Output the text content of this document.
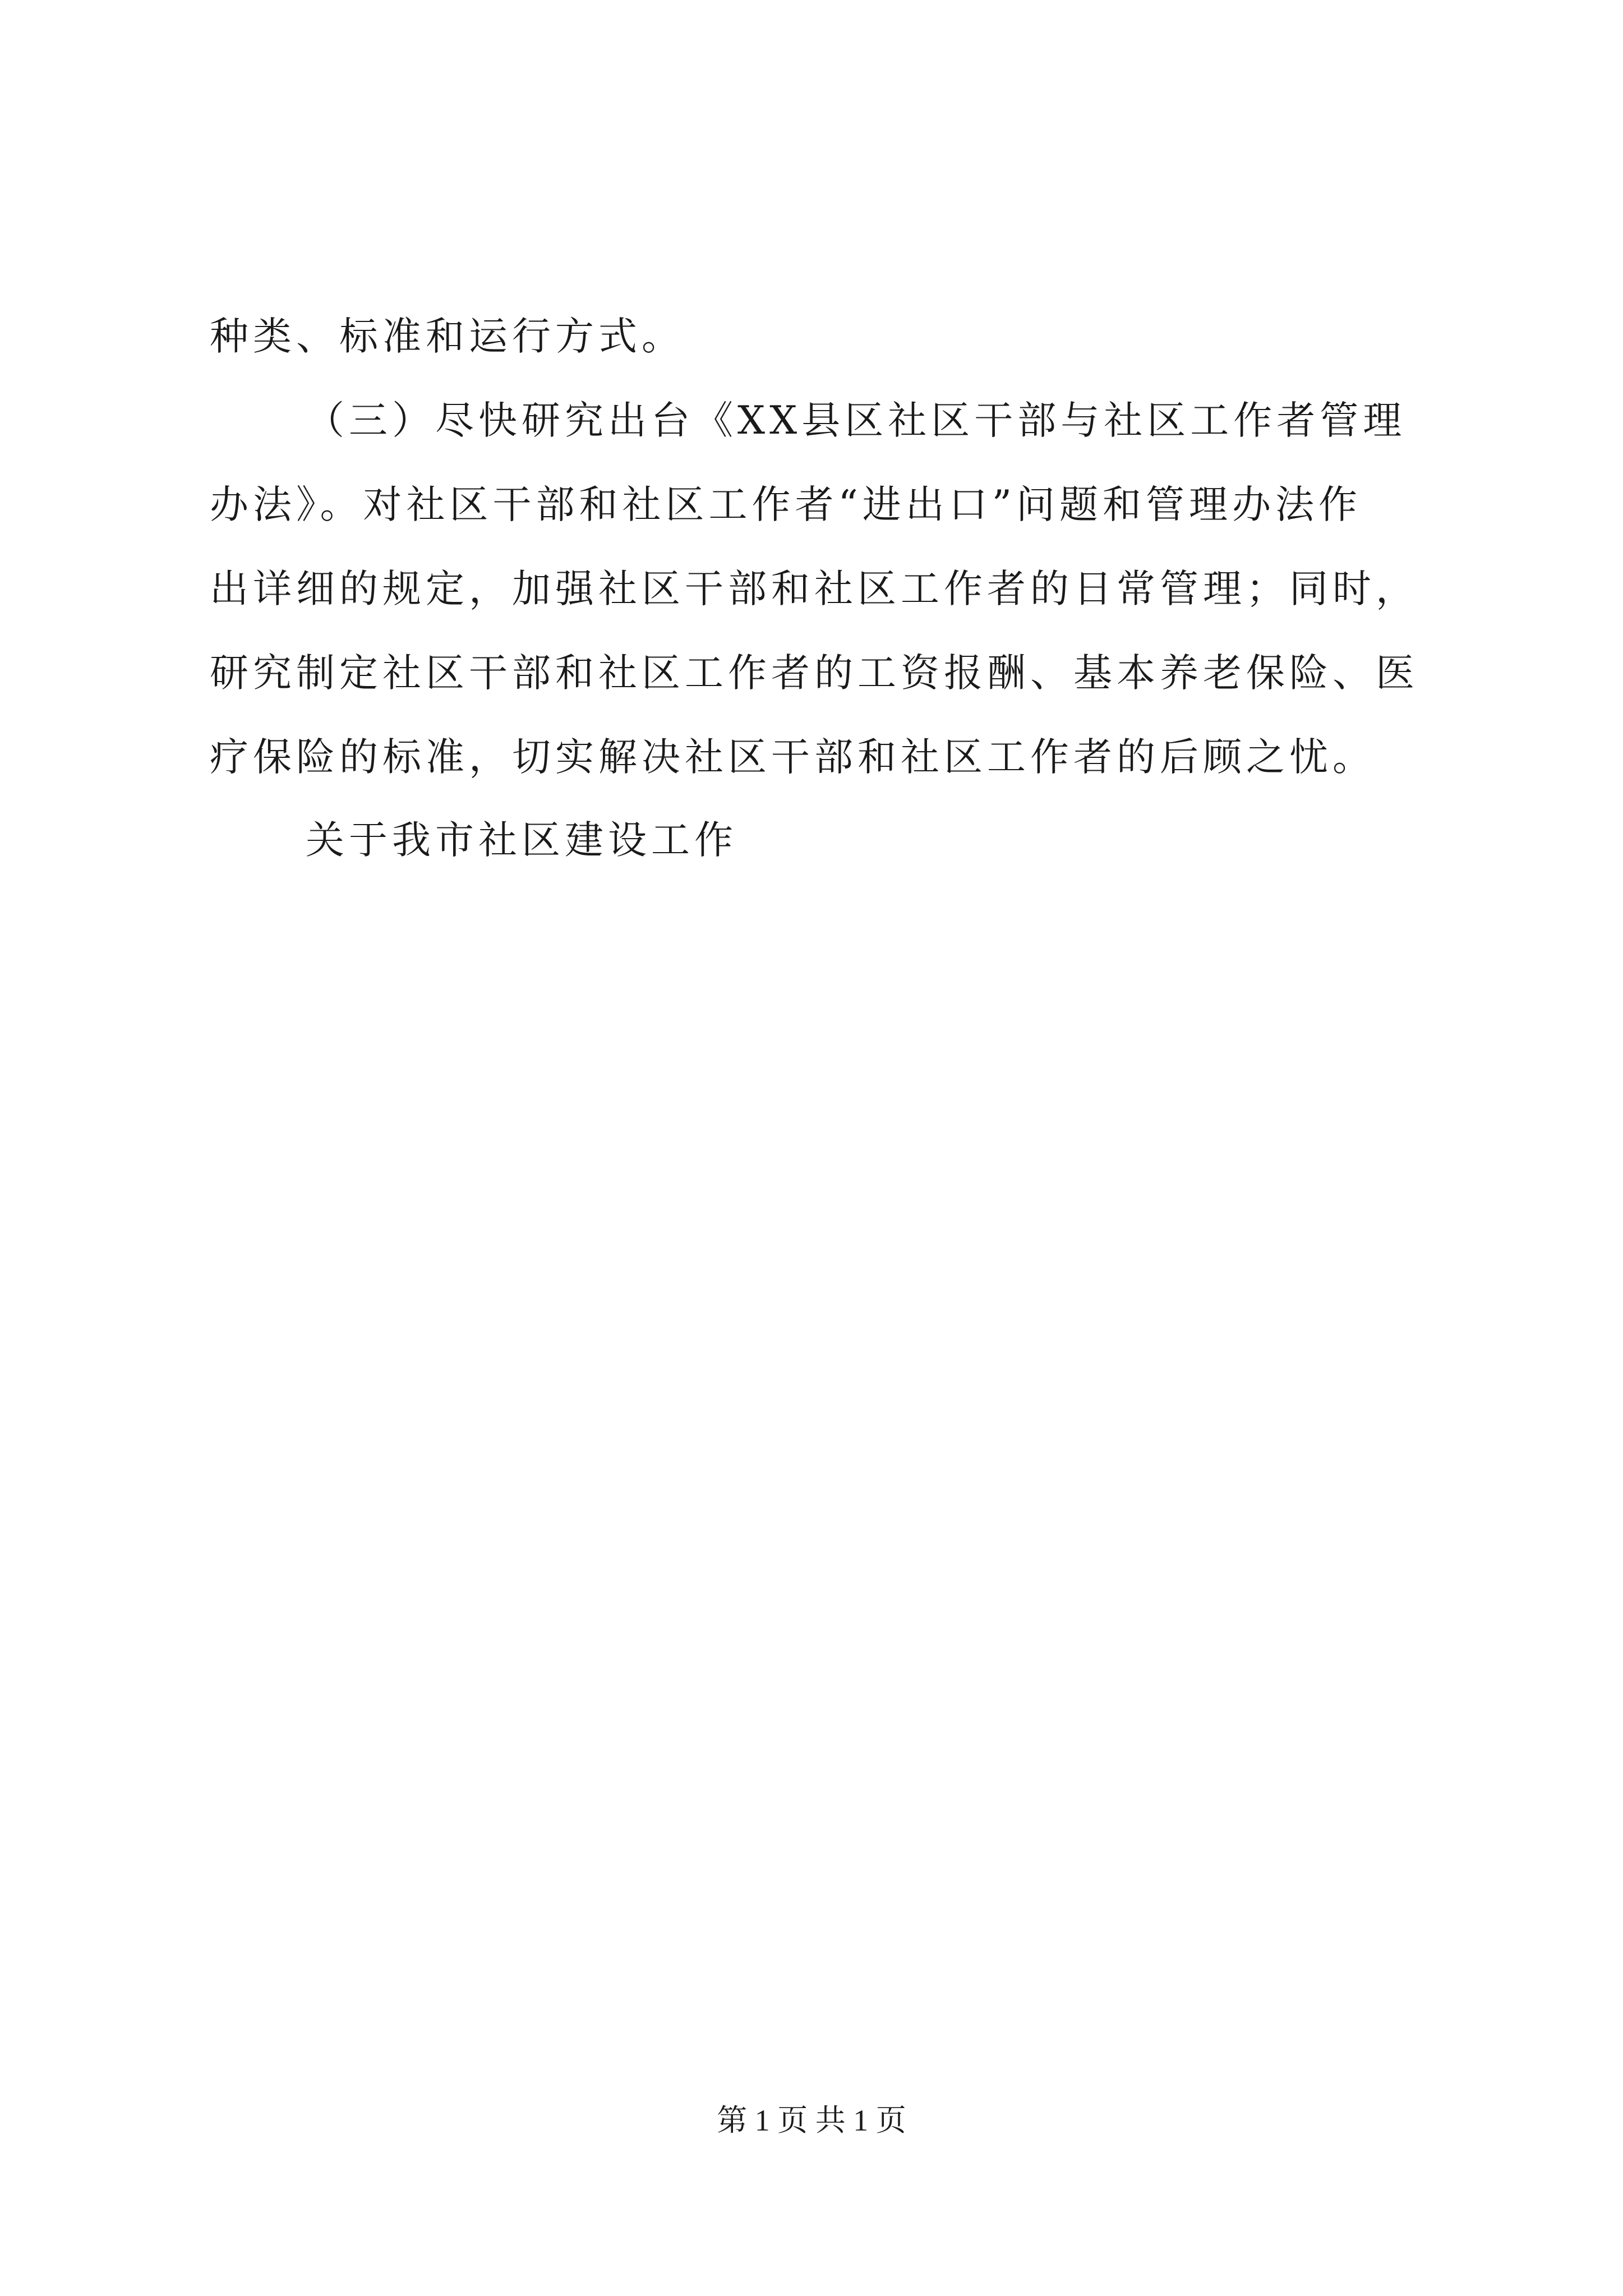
种类、标准和运行方式。
（三）尽快研究出台《XX县区社区干部与社区工作者管理
办法》。对社区干部和社区工作者“进出口”问题和管理办法作
出详细的规定，加强社区干部和社区工作者的日常管理；同时，
研究制定社区干部和社区工作者的工资报酬、基本养老保险、医
疗保险的标准，切实解决社区干部和社区工作者的后顾之忧。
关于我市社区建设工作
第 1 页 共 1 页
